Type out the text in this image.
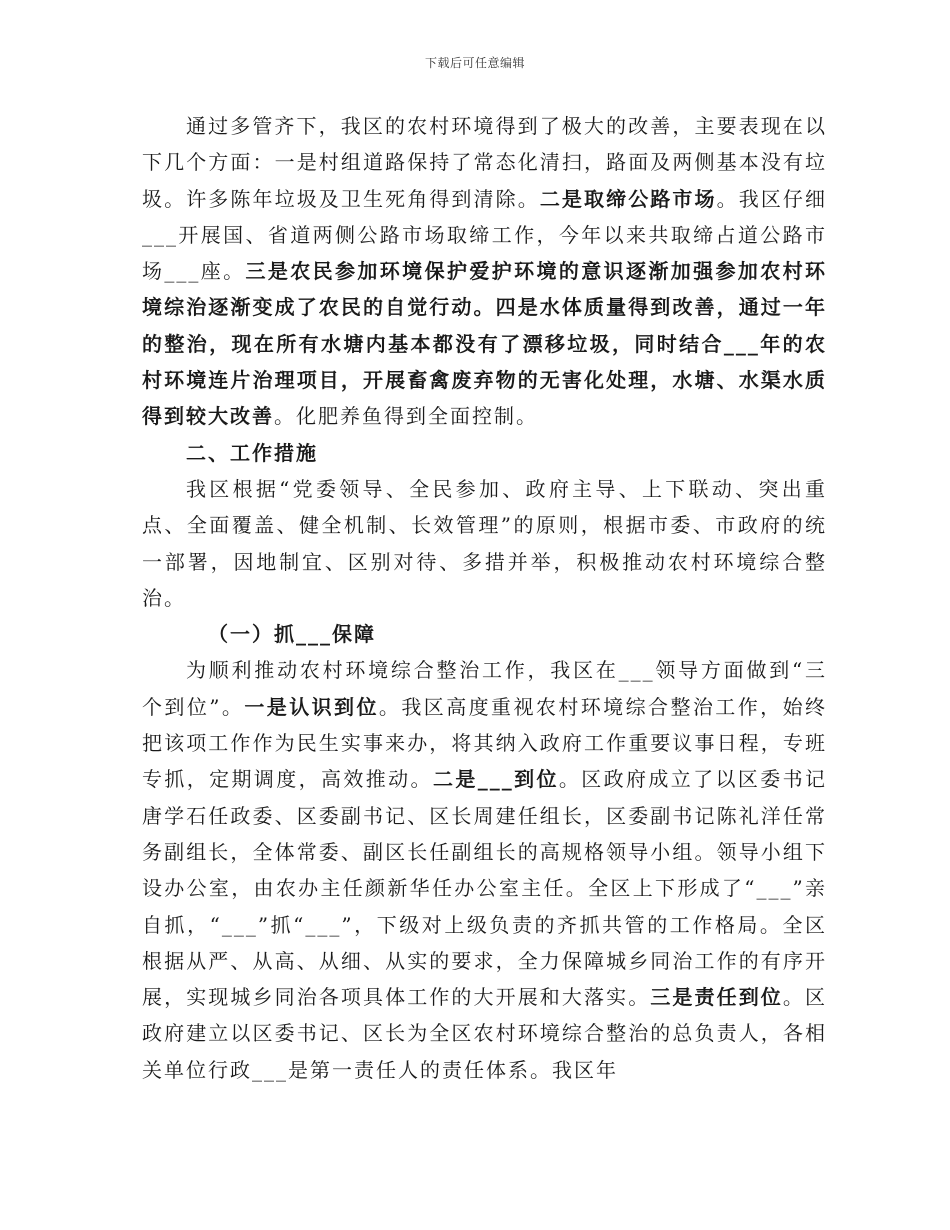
下载后可任意编辑

通过多管齐下，我区的农村环境得到了极大的改善，主要表现在以下几个方面：一是村组道路保持了常态化清扫，路面及两侧基本没有垃圾。许多陈年垃圾及卫生死角得到清除。二是取缔公路市场。我区仔细___开展国、省道两侧公路市场取缔工作，今年以来共取缔占道公路市场___座。三是农民参加环境保护爱护环境的意识逐渐加强参加农村环境综治逐渐变成了农民的自觉行动。四是水体质量得到改善，通过一年的整治，现在所有水塘内基本都没有了漂移垃圾，同时结合___年的农村环境连片治理项目，开展畜禽废弃物的无害化处理，水塘、水渠水质得到较大改善。化肥养鱼得到全面控制。

二、工作措施

我区根据“党委领导、全民参加、政府主导、上下联动、突出重点、全面覆盖、健全机制、长效管理”的原则，根据市委、市政府的统一部署，因地制宜、区别对待、多措并举，积极推动农村环境综合整治。

（一）抓___保障

为顺利推动农村环境综合整治工作，我区在___领导方面做到“三个到位”。一是认识到位。我区高度重视农村环境综合整治工作，始终把该项工作作为民生实事来办，将其纳入政府工作重要议事日程，专班专抓，定期调度，高效推动。二是___到位。区政府成立了以区委书记唐学石任政委、区委副书记、区长周建任组长，区委副书记陈礼洋任常务副组长，全体常委、副区长任副组长的高规格领导小组。领导小组下设办公室，由农办主任颜新华任办公室主任。全区上下形成了“___”亲自抓，“___”抓“___”，下级对上级负责的齐抓共管的工作格局。全区根据从严、从高、从细、从实的要求，全力保障城乡同治工作的有序开展，实现城乡同治各项具体工作的大开展和大落实。三是责任到位。区政府建立以区委书记、区长为全区农村环境综合整治的总负责人，各相关单位行政___是第一责任人的责任体系。我区年
